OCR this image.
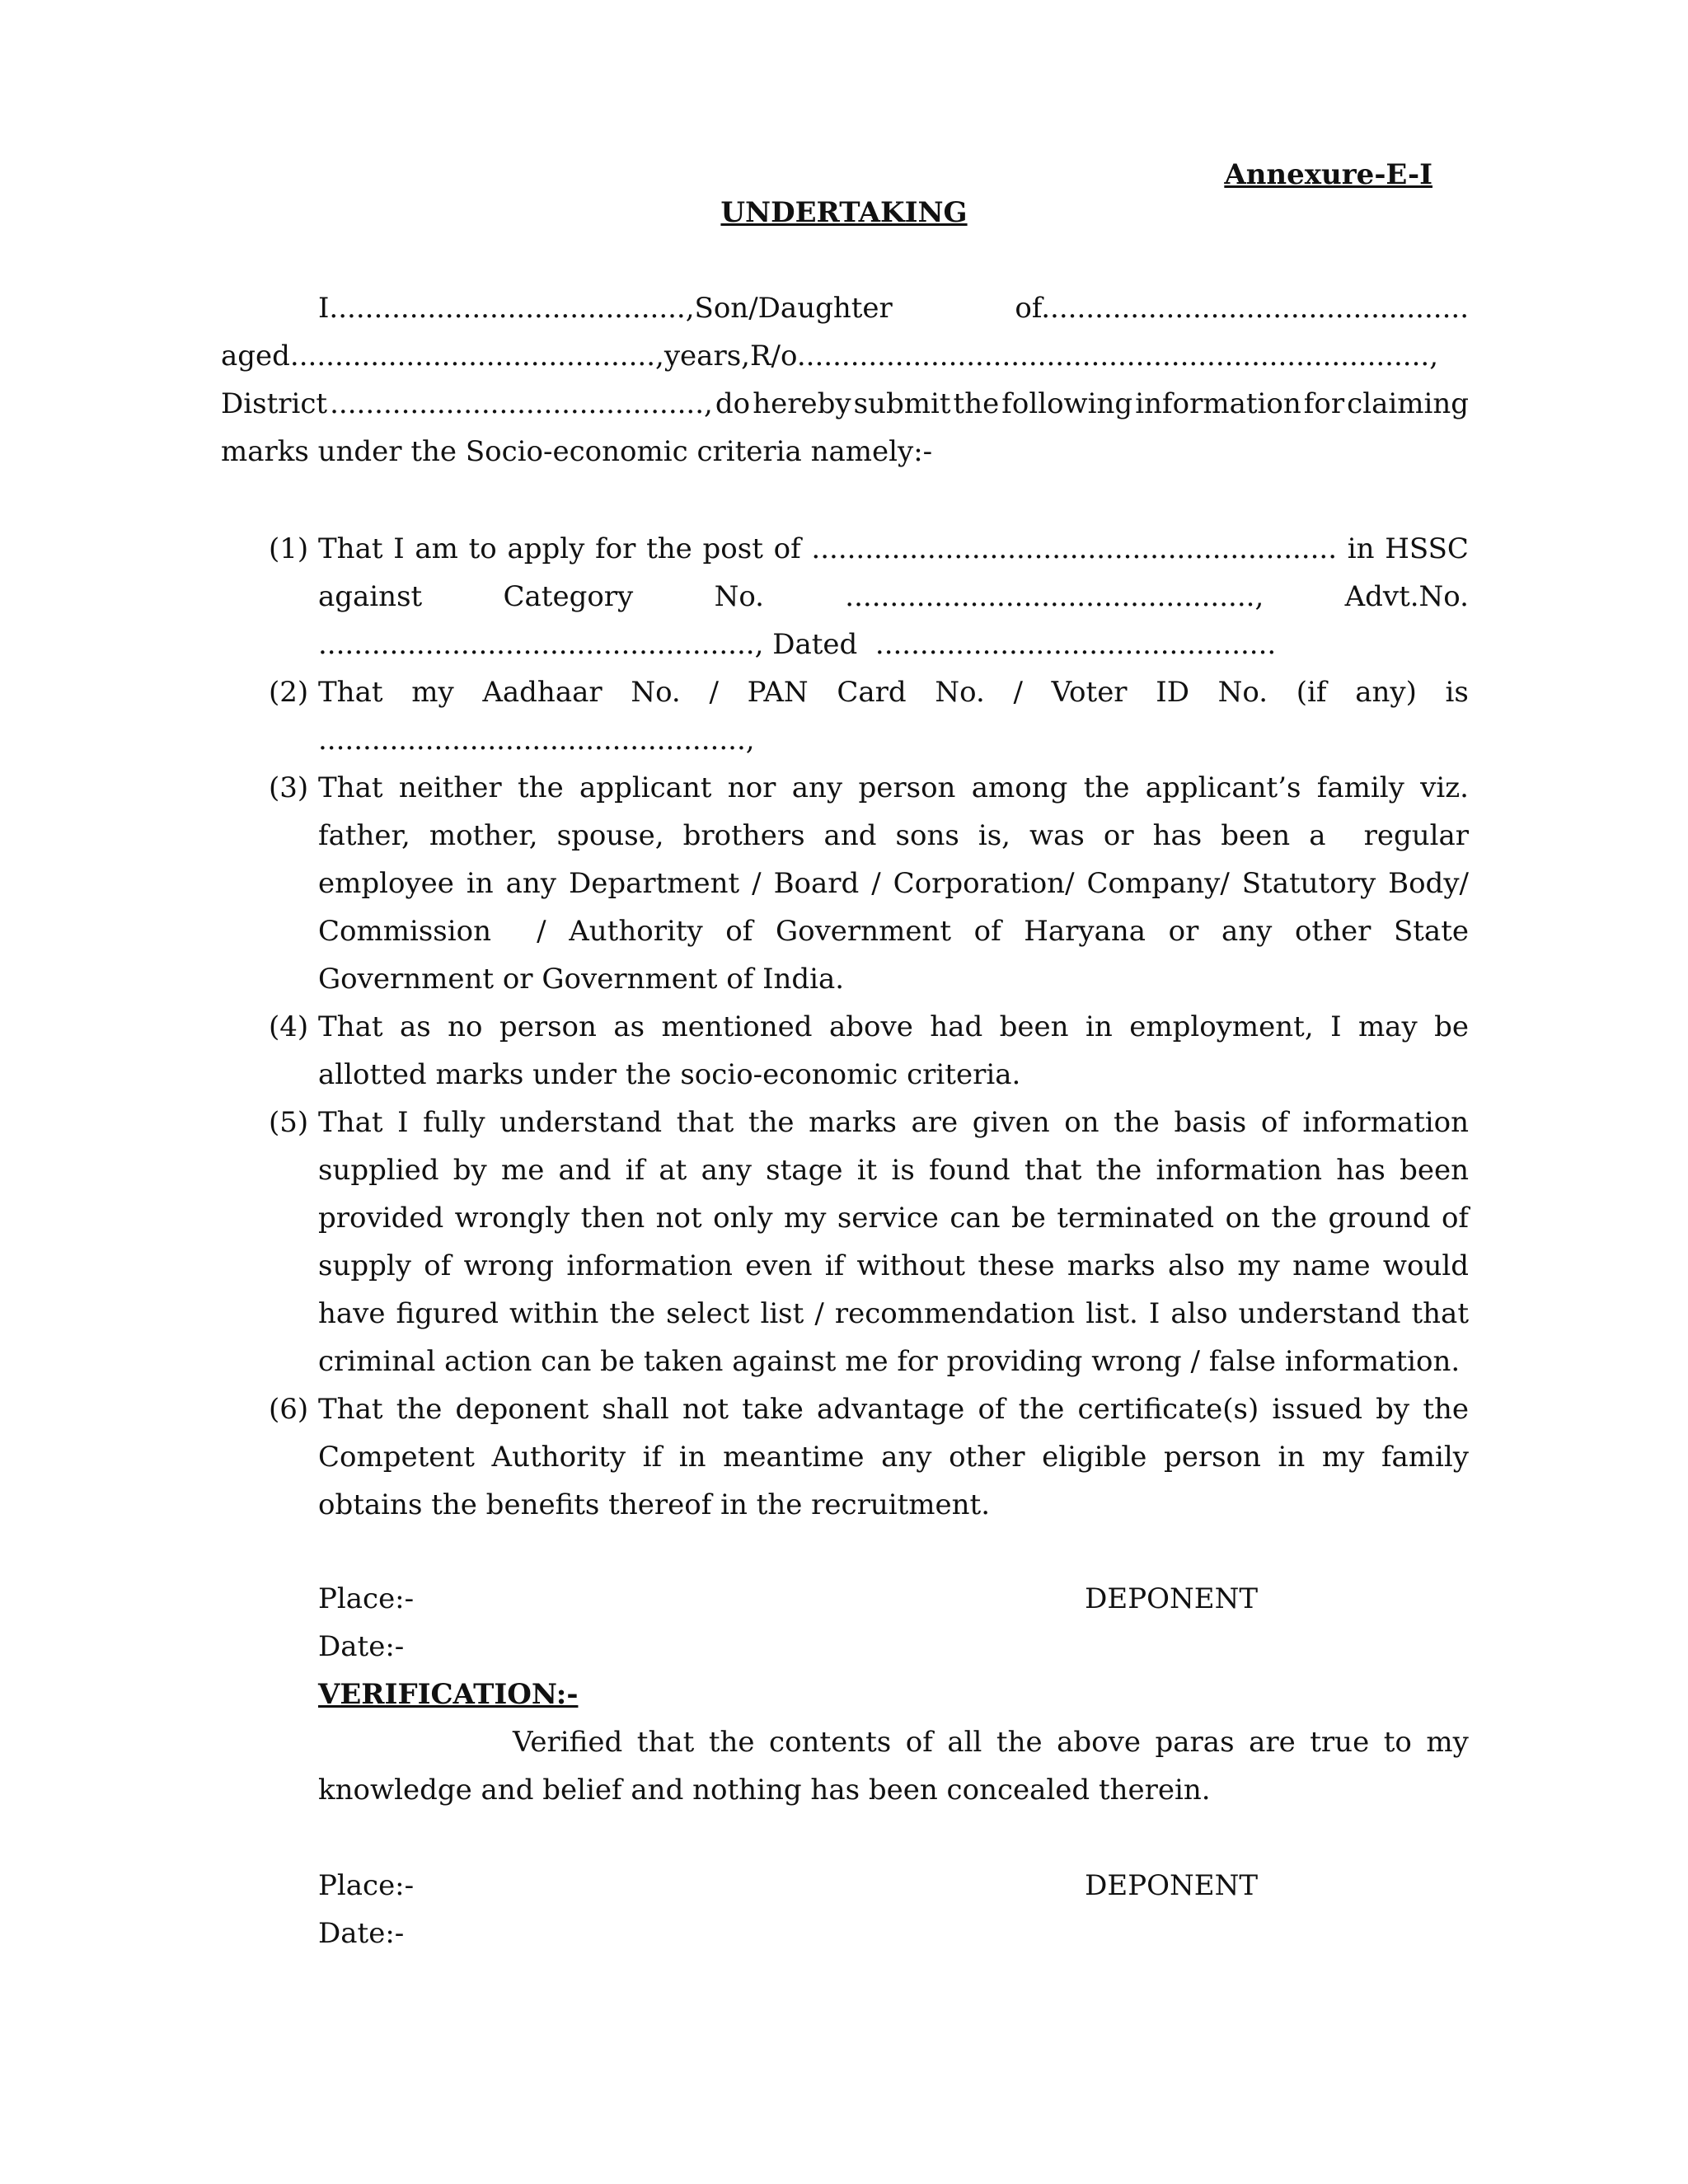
Annexure-E-I
UNDERTAKING
I........................................,Son/Daughter	of................................................
aged.........................................,years,R/o.......................................................................,
District .........................................., do hereby submit the following information for claiming
marks under the Socio-economic criteria namely:-
(1) That I am to apply for the post of ........................................................... in HSSC
against	Category	No.	..............................................,	Advt.No.
................................................., Dated  .............................................
(2) That my Aadhaar No. / PAN Card No. / Voter ID No. (if any) is
................................................,
(3) That neither the applicant nor any person among the applicant’s family viz.  father, mother, spouse, brothers and sons is, was or has been a  regular employee in any Department / Board / Corporation/ Company/ Statutory Body/ Commission  / Authority of Government of Haryana or any other State Government or Government of India.
(4) That as no person as mentioned above had been in employment, I may be allotted marks under the socio-economic criteria.
(5) That I fully understand that the marks are given on the basis of information supplied by me and if at any stage it is found that the information has been provided wrongly then not only my service can be terminated on the ground of supply of wrong information even if without these marks also my name would have figured within the select list / recommendation list. I also understand that criminal action can be taken against me for providing wrong / false information.
(6) That the deponent shall not take advantage of the certificate(s) issued by the Competent Authority if in meantime any other eligible person in my family obtains the benefits thereof in the recruitment.
Place:-	DEPONENT
Date:-
VERIFICATION:-
Verified that the contents of all the above paras are true to my
knowledge and belief and nothing has been concealed therein.
Place:-	DEPONENT
Date:-
